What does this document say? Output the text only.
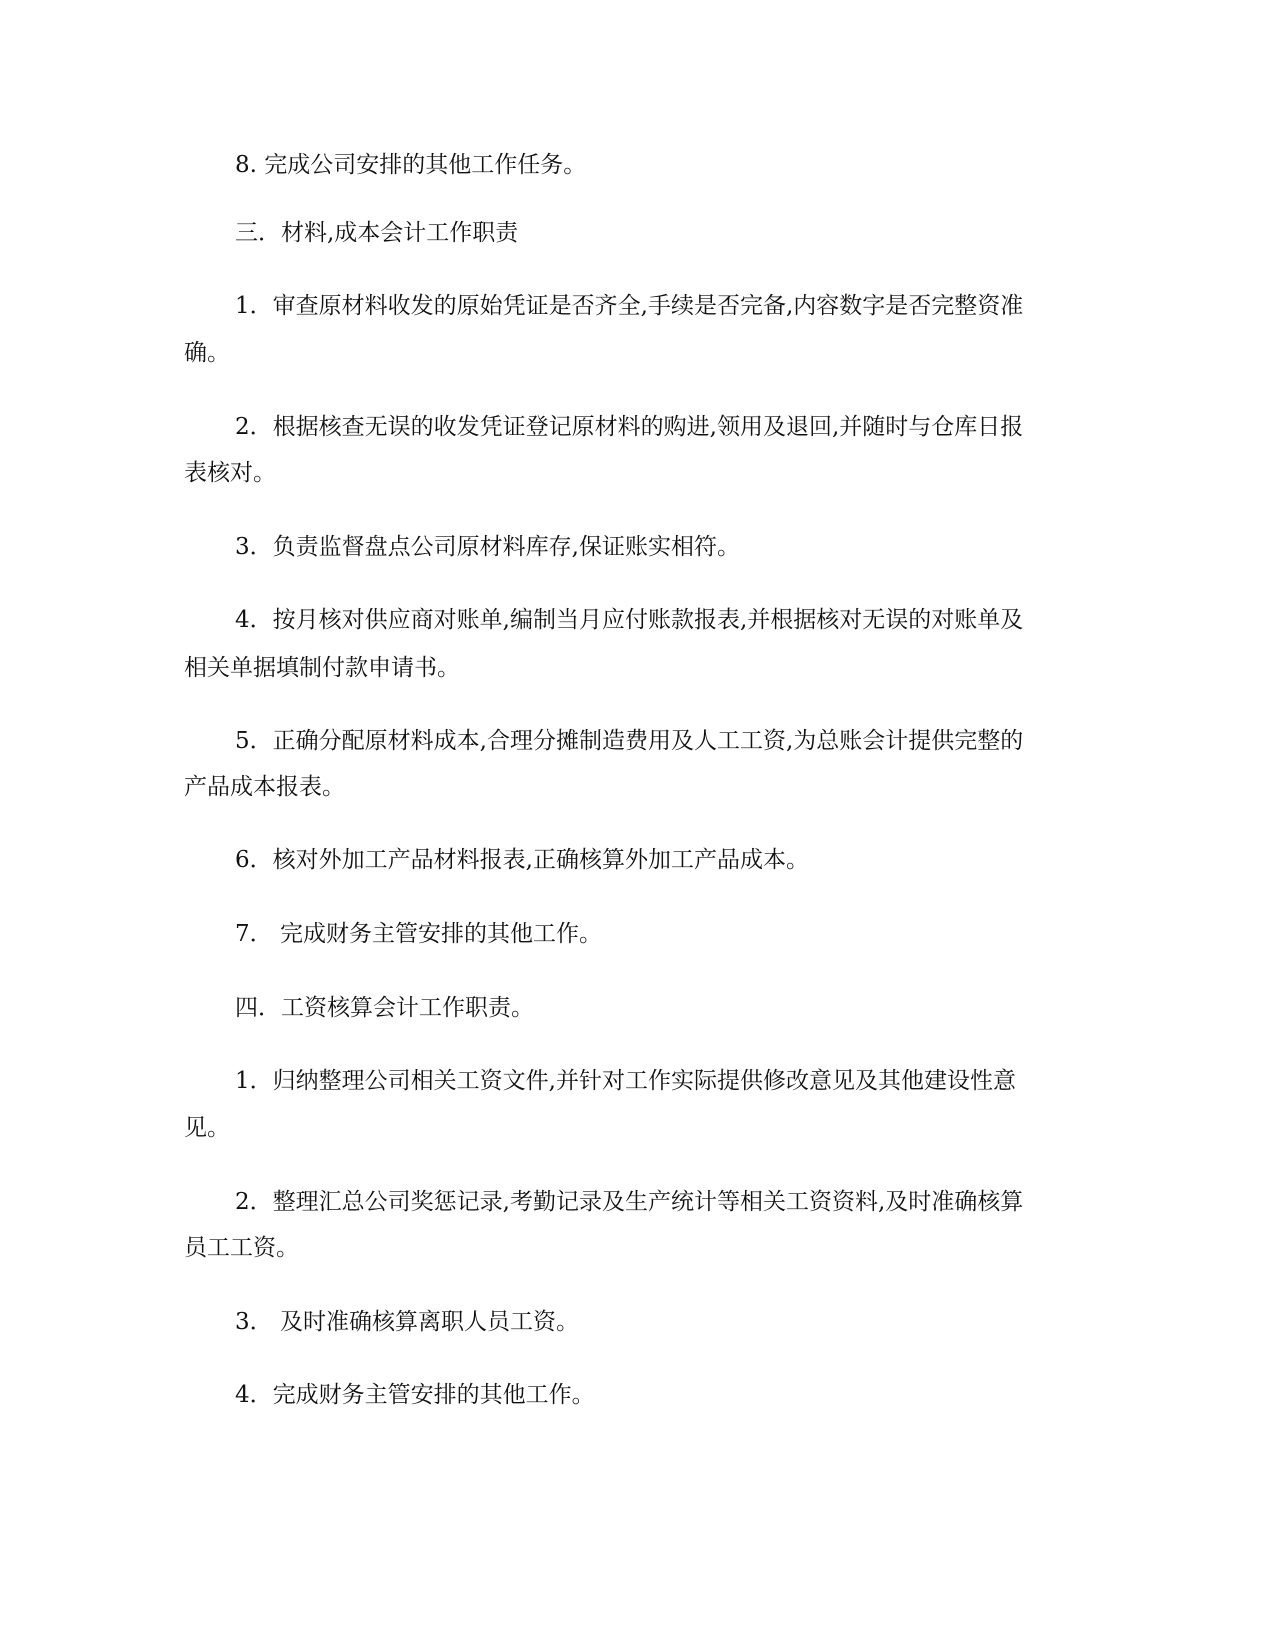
8. 完成公司安排的其他工作任务。
三．材料,成本会计工作职责
1．审查原材料收发的原始凭证是否齐全,手续是否完备,内容数字是否完整资准
确。
2．根据核查无误的收发凭证登记原材料的购进,领用及退回,并随时与仓库日报
表核对。
3．负责监督盘点公司原材料库存,保证账实相符。
4．按月核对供应商对账单,编制当月应付账款报表,并根据核对无误的对账单及
相关单据填制付款申请书。
5．正确分配原材料成本,合理分摊制造费用及人工工资,为总账会计提供完整的
产品成本报表。
6．核对外加工产品材料报表,正确核算外加工产品成本。
7． 完成财务主管安排的其他工作。
四．工资核算会计工作职责。
1．归纳整理公司相关工资文件,并针对工作实际提供修改意见及其他建设性意
见。
2．整理汇总公司奖惩记录,考勤记录及生产统计等相关工资资料,及时准确核算
员工工资。
3． 及时准确核算离职人员工资。
4．完成财务主管安排的其他工作。
